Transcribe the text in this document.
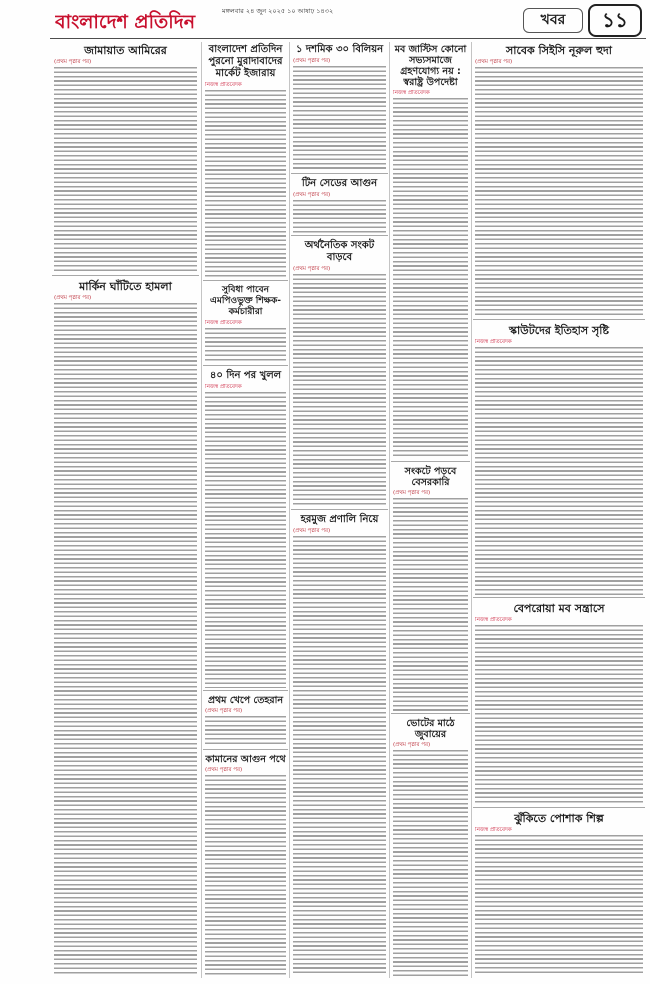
বাংলাদেশ প্রতিদিন	মঙ্গলবার ২৪ জুন ২০২৫ ১০ আষাঢ় ১৪৩২
খবর	১১
জামায়াত আমিরের
(প্রথম পৃষ্ঠার পর)
মার্কিন ঘাঁটিতে হামলা
(প্রথম পৃষ্ঠার পর)
বাংলাদেশ প্রতিদিন পুরনো মুরাদাবাদের মার্কেট ইজারায়
নিজস্ব প্রতিবেদক
সুবিধা পাবেন এমপিওভুক্ত শিক্ষক-কর্মচারীরা
নিজস্ব প্রতিবেদক
৪০ দিন পর খুলল
নিজস্ব প্রতিবেদক
প্রথম খেপে তেহরান
(প্রথম পৃষ্ঠার পর)
কামানের আগুন পথে
(প্রথম পৃষ্ঠার পর)
১ দশমিক ৩০ বিলিয়ন
(প্রথম পৃষ্ঠার পর)
টিন সেডের আগুন
(প্রথম পৃষ্ঠার পর)
অর্থনৈতিক সংকট বাড়বে
(প্রথম পৃষ্ঠার পর)
হরমুজ প্রণালি নিয়ে
(প্রথম পৃষ্ঠার পর)
মব জাস্টিস কোনো সভ্যসমাজে গ্রহণযোগ্য নয় : স্বরাষ্ট্র উপদেষ্টা
নিজস্ব প্রতিবেদক
সংকটে পড়বে বেসরকারি
(প্রথম পৃষ্ঠার পর)
ভোটের মাঠে জুবায়ের
(প্রথম পৃষ্ঠার পর)
সাবেক সিইসি নূরুল হুদা
(প্রথম পৃষ্ঠার পর)
স্কাউটদের ইতিহাস সৃষ্টি
নিজস্ব প্রতিবেদক
বেপরোয়া মব সন্ত্রাসে
নিজস্ব প্রতিবেদক
ঝুঁকিতে পোশাক শিল্প
নিজস্ব প্রতিবেদক
